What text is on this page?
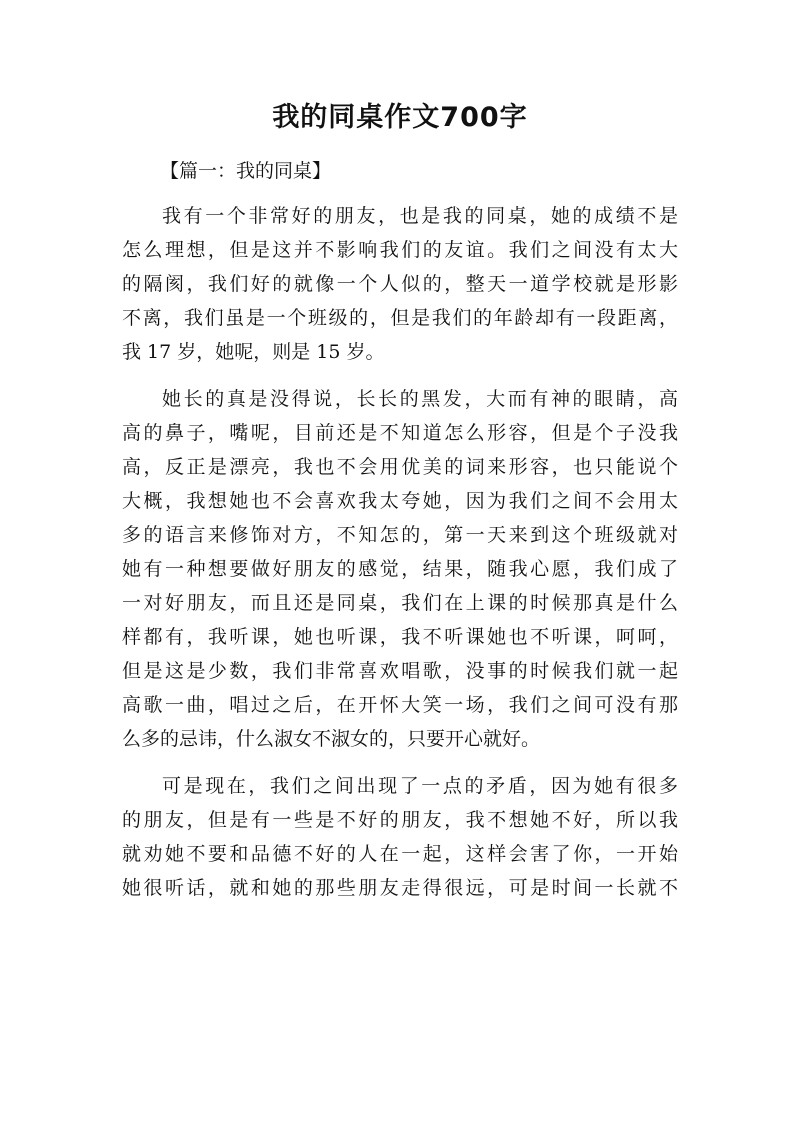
我的同桌作文700字
【篇一：我的同桌】
我有一个非常好的朋友，也是我的同桌，她的成绩不是
怎么理想，但是这并不影响我们的友谊。我们之间没有太大
的隔阂，我们好的就像一个人似的，整天一道学校就是形影
不离，我们虽是一个班级的，但是我们的年龄却有一段距离，
我 17 岁，她呢，则是 15 岁。
她长的真是没得说，长长的黑发，大而有神的眼睛，高
高的鼻子，嘴呢，目前还是不知道怎么形容，但是个子没我
高，反正是漂亮，我也不会用优美的词来形容，也只能说个
大概，我想她也不会喜欢我太夸她，因为我们之间不会用太
多的语言来修饰对方，不知怎的，第一天来到这个班级就对
她有一种想要做好朋友的感觉，结果，随我心愿，我们成了
一对好朋友，而且还是同桌，我们在上课的时候那真是什么
样都有，我听课，她也听课，我不听课她也不听课，呵呵，
但是这是少数，我们非常喜欢唱歌，没事的时候我们就一起
高歌一曲，唱过之后，在开怀大笑一场，我们之间可没有那
么多的忌讳，什么淑女不淑女的，只要开心就好。
可是现在，我们之间出现了一点的矛盾，因为她有很多
的朋友，但是有一些是不好的朋友，我不想她不好，所以我
就劝她不要和品德不好的人在一起，这样会害了你，一开始
她很听话，就和她的那些朋友走得很远，可是时间一长就不
